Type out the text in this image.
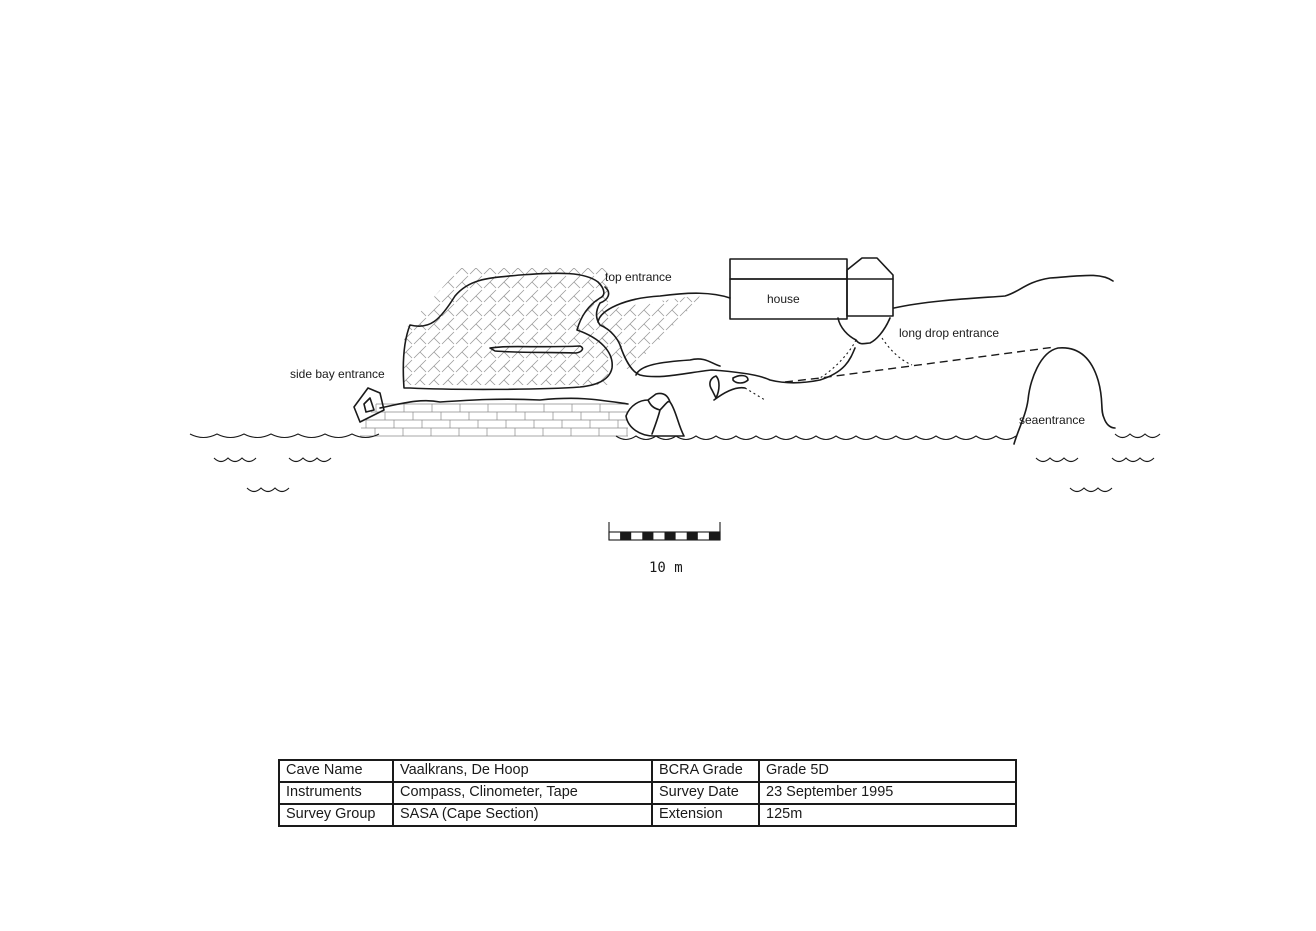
top entrance
house
long drop entrance
side bay entrance
seaentrance
10 m
Cave Name	Vaalkrans, De Hoop	BCRA Grade	Grade 5D
Instruments	Compass, Clinometer, Tape	Survey Date	23 September 1995
Survey Group	SASA (Cape Section)	Extension	125m
